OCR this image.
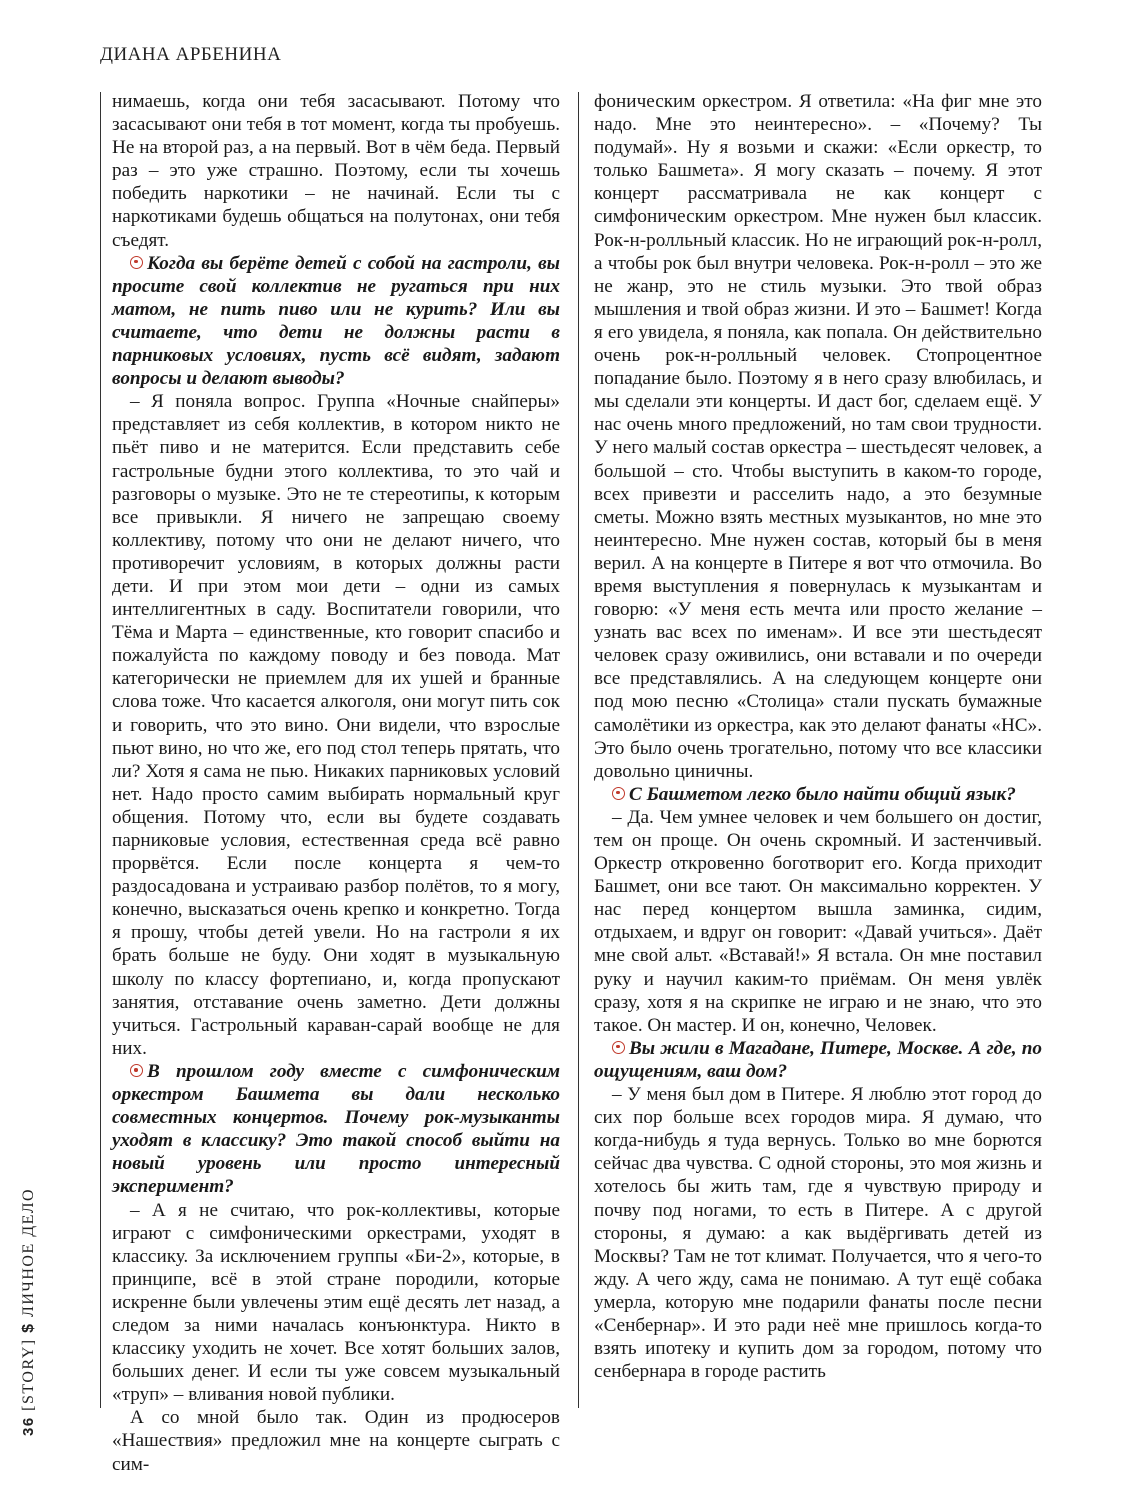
ДИАНА АРБЕНИНА

нимаешь, когда они тебя засасывают. Потому что засасывают они тебя в тот момент, когда ты пробуешь. Не на второй раз, а на первый. Вот в чём беда. Первый раз – это уже страшно. Поэтому, если ты хочешь победить наркотики – не начинай. Если ты с наркотиками будешь общаться на полутонах, они тебя съедят.

Когда вы берёте детей с собой на гастроли, вы просите свой коллектив не ругаться при них матом, не пить пиво или не курить? Или вы считаете, что дети не должны расти в парниковых условиях, пусть всё видят, задают вопросы и делают выводы?

– Я поняла вопрос. Группа «Ночные снайперы» представляет из себя коллектив, в котором никто не пьёт пиво и не матерится. Если представить себе гастрольные будни этого коллектива, то это чай и разговоры о музыке. Это не те стереотипы, к которым все привыкли. Я ничего не запрещаю своему коллективу, потому что они не делают ничего, что противоречит условиям, в которых должны расти дети. И при этом мои дети – одни из самых интеллигентных в саду. Воспитатели говорили, что Тёма и Марта – единственные, кто говорит спасибо и пожалуйста по каждому поводу и без повода. Мат категорически не приемлем для их ушей и бранные слова тоже. Что касается алкоголя, они могут пить сок и говорить, что это вино. Они видели, что взрослые пьют вино, но что же, его под стол теперь прятать, что ли? Хотя я сама не пью. Никаких парниковых условий нет. Надо просто самим выбирать нормальный круг общения. Потому что, если вы будете создавать парниковые условия, естественная среда всё равно прорвётся. Если после концерта я чем-то раздосадована и устраиваю разбор полётов, то я могу, конечно, высказаться очень крепко и конкретно. Тогда я прошу, чтобы детей увели. Но на гастроли я их брать больше не буду. Они ходят в музыкальную школу по классу фортепиано, и, когда пропускают занятия, отставание очень заметно. Дети должны учиться. Гастрольный караван-сарай вообще не для них.

В прошлом году вместе с симфоническим оркестром Башмета вы дали несколько совместных концертов. Почему рок-музыканты уходят в классику? Это такой способ выйти на новый уровень или просто интересный эксперимент?

– А я не считаю, что рок-коллективы, которые играют с симфоническими оркестрами, уходят в классику. За исключением группы «Би-2», которые, в принципе, всё в этой стране породили, которые искренне были увлечены этим ещё десять лет назад, а следом за ними началась конъюнктура. Никто в классику уходить не хочет. Все хотят больших залов, больших денег. И если ты уже совсем музыкальный «труп» – вливания новой публики.

А со мной было так. Один из продюсеров «Нашествия» предложил мне на концерте сыграть с сим-

фоническим оркестром. Я ответила: «На фиг мне это надо. Мне это неинтересно». – «Почему? Ты подумай». Ну я возьми и скажи: «Если оркестр, то только Башмета». Я могу сказать – почему. Я этот концерт рассматривала не как концерт с симфоническим оркестром. Мне нужен был классик. Рок-н-ролльный классик. Но не играющий рок-н-ролл, а чтобы рок был внутри человека. Рок-н-ролл – это же не жанр, это не стиль музыки. Это твой образ мышления и твой образ жизни. И это – Башмет! Когда я его увидела, я поняла, как попала. Он действительно очень рок-н-ролльный человек. Стопроцентное попадание было. Поэтому я в него сразу влюбилась, и мы сделали эти концерты. И даст бог, сделаем ещё. У нас очень много предложений, но там свои трудности. У него малый состав оркестра – шестьдесят человек, а большой – сто. Чтобы выступить в каком-то городе, всех привезти и расселить надо, а это безумные сметы. Можно взять местных музыкантов, но мне это неинтересно. Мне нужен состав, который бы в меня верил. А на концерте в Питере я вот что отмочила. Во время выступления я повернулась к музыкантам и говорю: «У меня есть мечта или просто желание – узнать вас всех по именам». И все эти шестьдесят человек сразу оживились, они вставали и по очереди все представлялись. А на следующем концерте они под мою песню «Столица» стали пускать бумажные самолётики из оркестра, как это делают фанаты «НС». Это было очень трогательно, потому что все классики довольно циничны.

С Башметом легко было найти общий язык?

– Да. Чем умнее человек и чем большего он достиг, тем он проще. Он очень скромный. И застенчивый. Оркестр откровенно боготворит его. Когда приходит Башмет, они все тают. Он максимально корректен. У нас перед концертом вышла заминка, сидим, отдыхаем, и вдруг он говорит: «Давай учиться». Даёт мне свой альт. «Вставай!» Я встала. Он мне поставил руку и научил каким-то приёмам. Он меня увлёк сразу, хотя я на скрипке не играю и не знаю, что это такое. Он мастер. И он, конечно, Человек.

Вы жили в Магадане, Питере, Москве. А где, по ощущениям, ваш дом?

– У меня был дом в Питере. Я люблю этот город до сих пор больше всех городов мира. Я думаю, что когда-нибудь я туда вернусь. Только во мне борются сейчас два чувства. С одной стороны, это моя жизнь и хотелось бы жить там, где я чувствую природу и почву под ногами, то есть в Питере. А с другой стороны, я думаю: а как выдёргивать детей из Москвы? Там не тот климат. Получается, что я чего-то жду. А чего жду, сама не понимаю. А тут ещё собака умерла, которую мне подарили фанаты после песни «Сенбернар». И это ради неё мне пришлось когда-то взять ипотеку и купить дом за городом, потому что сенбернара в городе растить

36 [STORY] $ ЛИЧНОЕ ДЕЛО
